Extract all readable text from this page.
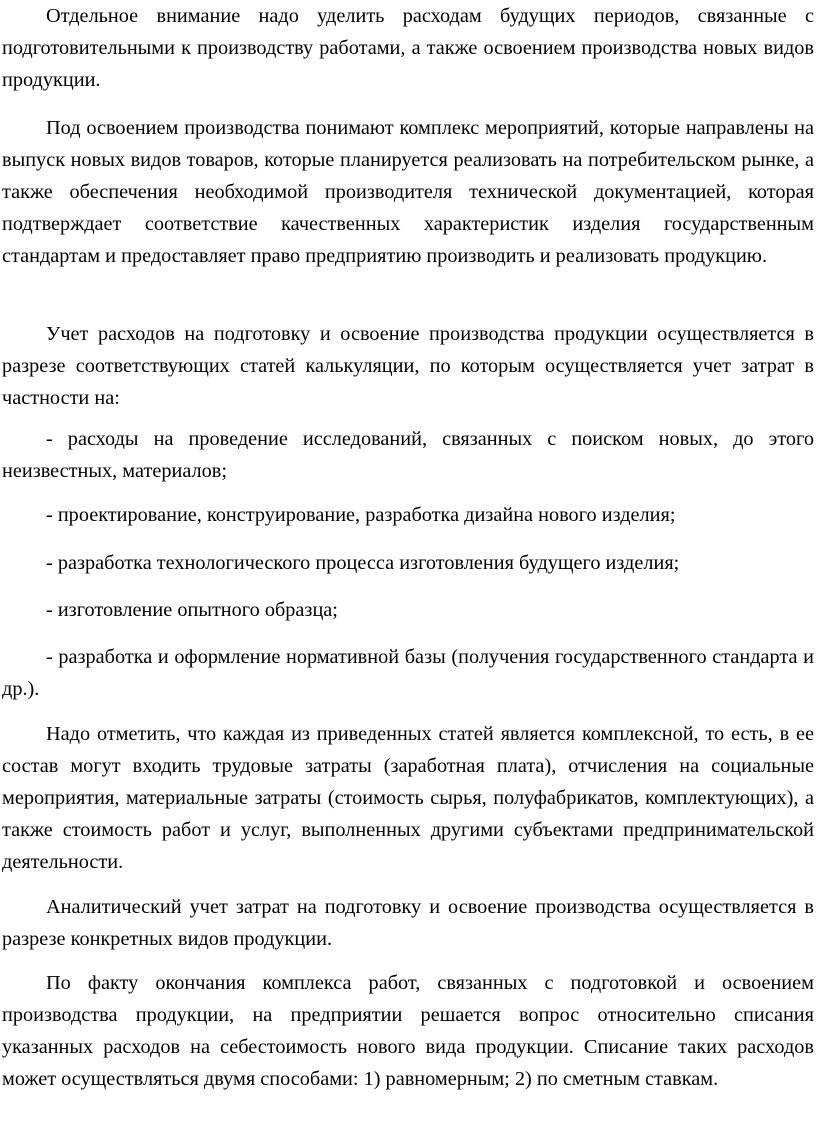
Отдельное внимание надо уделить расходам будущих периодов, связанные с подготовительными к производству работами, а также освоением производства новых видов продукции.

Под освоением производства понимают комплекс мероприятий, которые направлены на выпуск новых видов товаров, которые планируется реализовать на потребительском рынке, а также обеспечения необходимой производителя технической документацией, которая подтверждает соответствие качественных характеристик изделия государственным стандартам и предоставляет право предприятию производить и реализовать продукцию.

Учет расходов на подготовку и освоение производства продукции осуществляется в разрезе соответствующих статей калькуляции, по которым осуществляется учет затрат в частности на:

- расходы на проведение исследований, связанных с поиском новых, до этого неизвестных, материалов;

- проектирование, конструирование, разработка дизайна нового изделия;

- разработка технологического процесса изготовления будущего изделия;

- изготовление опытного образца;

- разработка и оформление нормативной базы (получения государственного стандарта и др.).

Надо отметить, что каждая из приведенных статей является комплексной, то есть, в ее состав могут входить трудовые затраты (заработная плата), отчисления на социальные мероприятия, материальные затраты (стоимость сырья, полуфабрикатов, комплектующих), а также стоимость работ и услуг, выполненных другими субъектами предпринимательской деятельности.

Аналитический учет затрат на подготовку и освоение производства осуществляется в разрезе конкретных видов продукции.

По факту окончания комплекса работ, связанных с подготовкой и освоением производства продукции, на предприятии решается вопрос относительно списания указанных расходов на себестоимость нового вида продукции. Списание таких расходов может осуществляться двумя способами: 1) равномерным; 2) по сметным ставкам.
